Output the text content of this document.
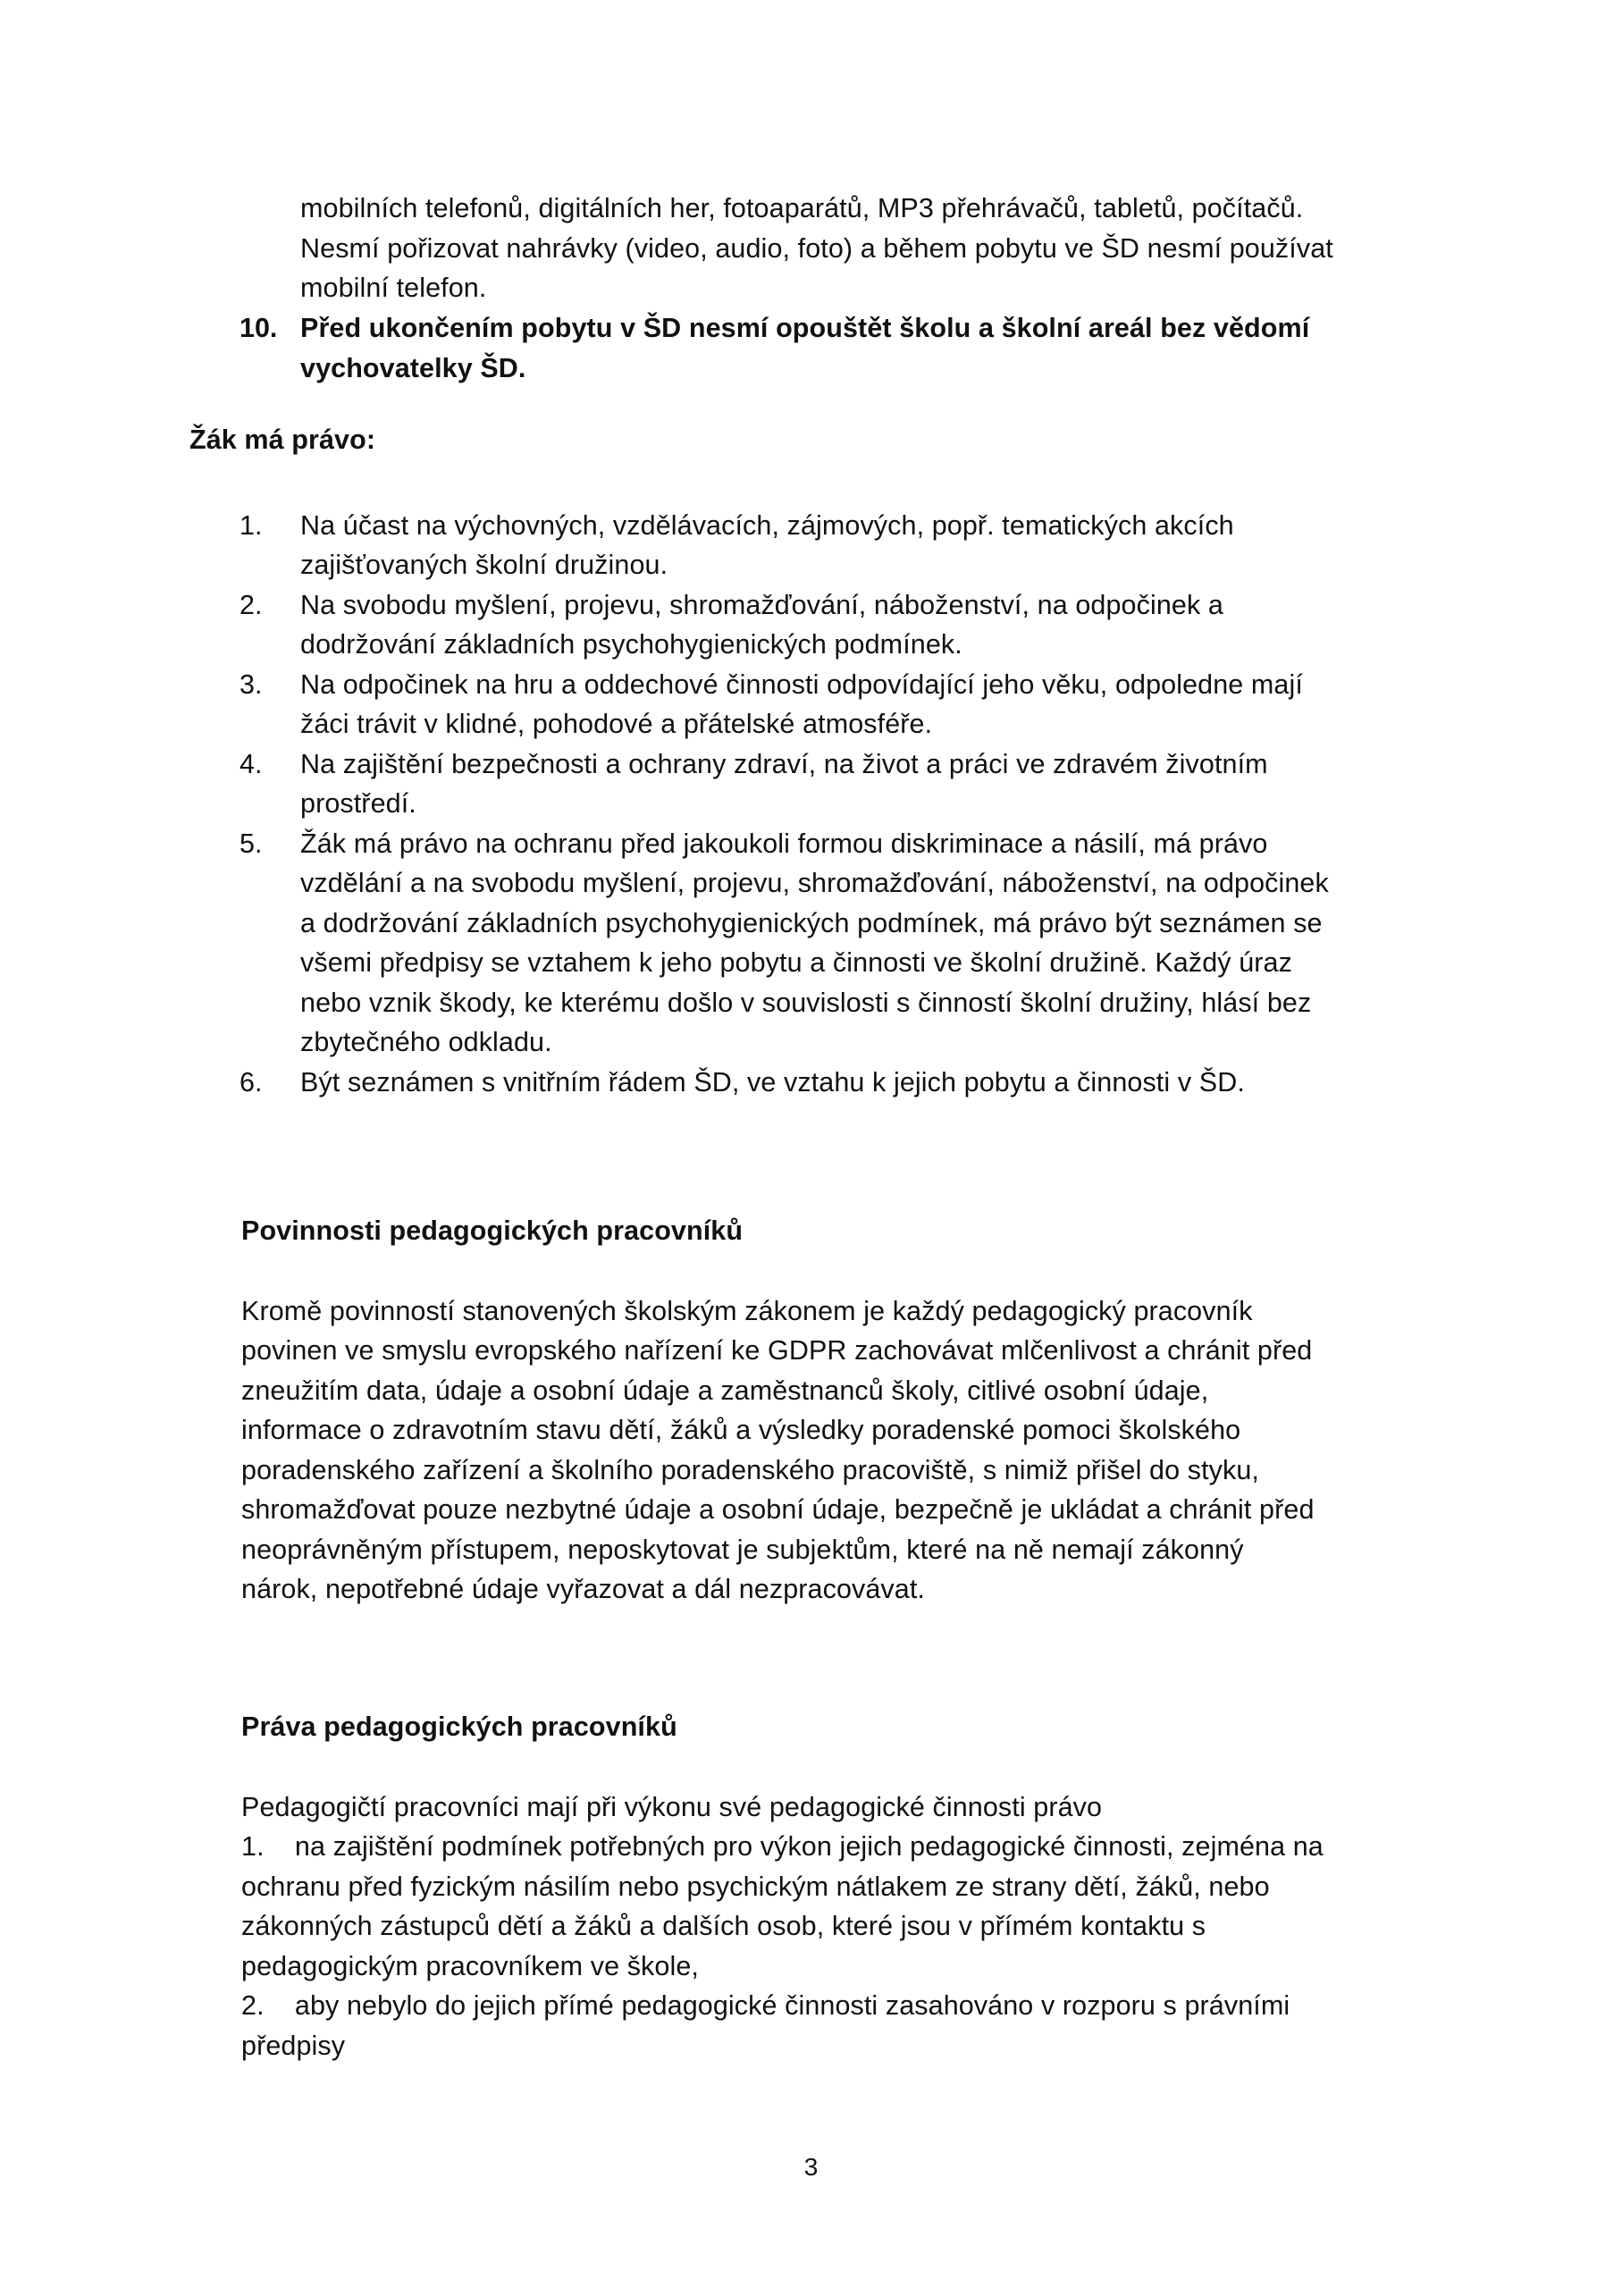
mobilních telefonů, digitálních her, fotoaparátů, MP3 přehrávačů, tabletů, počítačů.
Nesmí pořizovat nahrávky (video, audio, foto) a během pobytu ve ŠD nesmí používat
mobilní telefon.
10. Před ukončením pobytu v ŠD nesmí opouštět školu a školní areál bez vědomí
vychovatelky ŠD.
Žák má právo:
1. Na účast na výchovných, vzdělávacích, zájmových, popř. tematických akcích
zajišťovaných školní družinou.
2. Na svobodu myšlení, projevu, shromažďování, náboženství, na odpočinek a
dodržování základních psychohygienických podmínek.
3. Na odpočinek na hru a oddechové činnosti odpovídající jeho věku, odpoledne mají
žáci trávit v klidné, pohodové a přátelské atmosféře.
4. Na zajištění bezpečnosti a ochrany zdraví, na život a práci ve zdravém životním
prostředí.
5. Žák má právo na ochranu před jakoukoli formou diskriminace a násilí, má právo
vzdělání a na svobodu myšlení, projevu, shromažďování, náboženství, na odpočinek
a dodržování základních psychohygienických podmínek, má právo být seznámen se
všemi předpisy se vztahem k jeho pobytu a činnosti ve školní družině. Každý úraz
nebo vznik škody, ke kterému došlo v souvislosti s činností školní družiny, hlásí bez
zbytečného odkladu.
6. Být seznámen s vnitřním řádem ŠD, ve vztahu k jejich pobytu a činnosti v ŠD.
Povinnosti pedagogických pracovníků
Kromě povinností stanovených školským zákonem je každý pedagogický pracovník
povinen ve smyslu evropského nařízení ke GDPR zachovávat mlčenlivost a chránit před
zneužitím data, údaje a osobní údaje a zaměstnanců školy, citlivé osobní údaje,
informace o zdravotním stavu dětí, žáků a výsledky poradenské pomoci školského
poradenského zařízení a školního poradenského pracoviště, s nimiž přišel do styku,
shromažďovat pouze nezbytné údaje a osobní údaje, bezpečně je ukládat a chránit před
neoprávněným přístupem, neposkytovat je subjektům, které na ně nemají zákonný
nárok, nepotřebné údaje vyřazovat a dál nezpracovávat.
Práva pedagogických pracovníků
Pedagogičtí pracovníci mají při výkonu své pedagogické činnosti právo
1.    na zajištění podmínek potřebných pro výkon jejich pedagogické činnosti, zejména na
ochranu před fyzickým násilím nebo psychickým nátlakem ze strany dětí, žáků, nebo
zákonných zástupců dětí a žáků a dalších osob, které jsou v přímém kontaktu s
pedagogickým pracovníkem ve škole,
2.    aby nebylo do jejich přímé pedagogické činnosti zasahováno v rozporu s právními
předpisy
3
